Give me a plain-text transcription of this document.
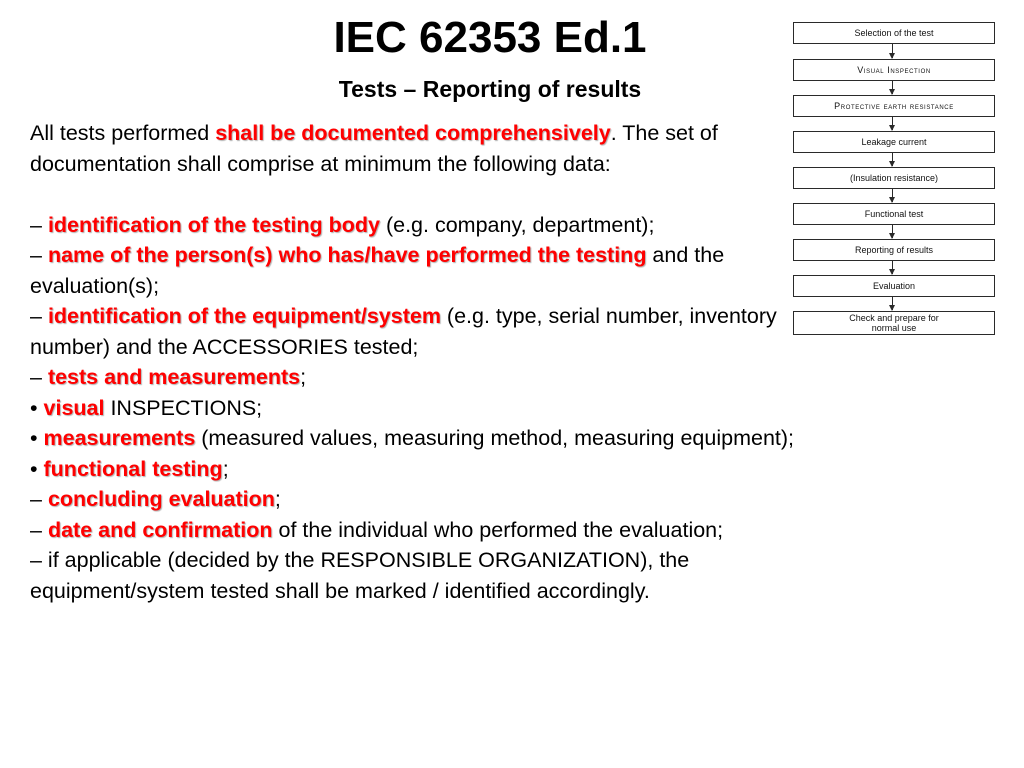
IEC 62353 Ed.1
Tests – Reporting of results

All tests performed shall be documented comprehensively. The set of documentation shall comprise at minimum the following data:

– identification of the testing body (e.g. company, department);

– name of the person(s) who has/have performed the testing and the evaluation(s);

– identification of the equipment/system (e.g. type, serial number, inventory number) and the ACCESSORIES tested;

– tests and measurements;

• visual INSPECTIONS;

• measurements (measured values, measuring method, measuring equipment);

• functional testing;

– concluding evaluation;

– date and confirmation of the individual who performed the evaluation;

– if applicable (decided by the RESPONSIBLE ORGANIZATION), the equipment/system tested shall be marked / identified accordingly.

Selection of the test
Visual Inspection
Protective earth resistance
Leakage current
(Insulation resistance)
Functional test
Reporting of results
Evaluation
Check and prepare for normal use
